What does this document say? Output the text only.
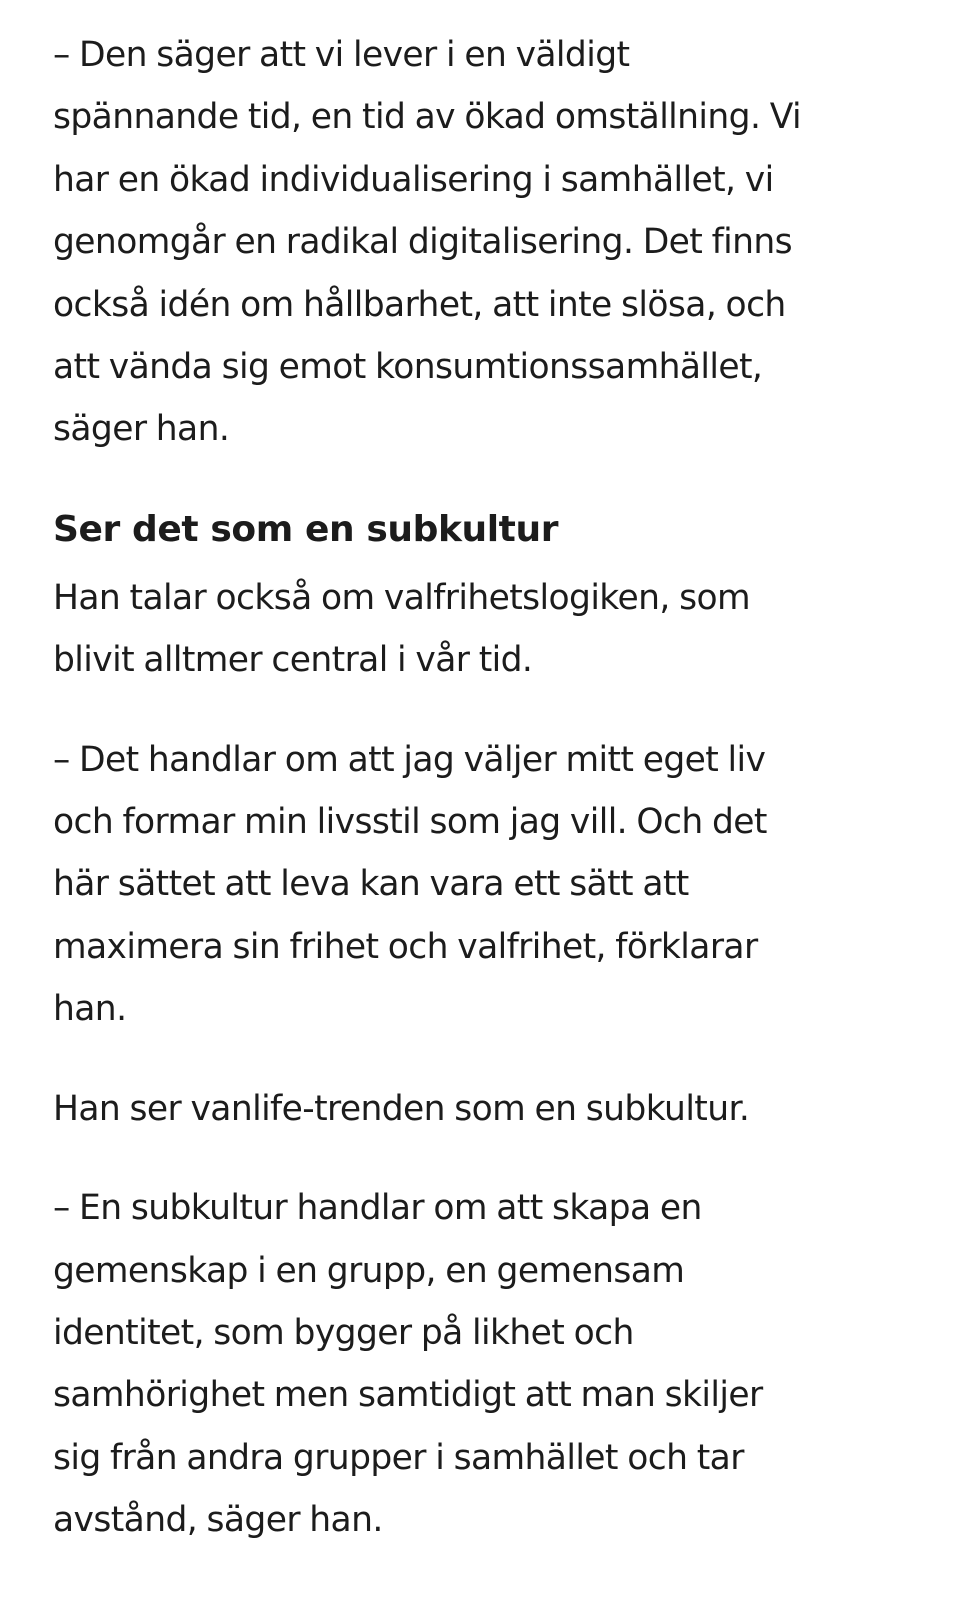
– Den säger att vi lever i en väldigt
spännande tid, en tid av ökad omställning. Vi
har en ökad individualisering i samhället, vi
genomgår en radikal digitalisering. Det finns
också idén om hållbarhet, att inte slösa, och
att vända sig emot konsumtionssamhället,
säger han.

Ser det som en subkultur

Han talar också om valfrihetslogiken, som
blivit alltmer central i vår tid.

– Det handlar om att jag väljer mitt eget liv
och formar min livsstil som jag vill. Och det
här sättet att leva kan vara ett sätt att
maximera sin frihet och valfrihet, förklarar
han.

Han ser vanlife-trenden som en subkultur.

– En subkultur handlar om att skapa en
gemenskap i en grupp, en gemensam
identitet, som bygger på likhet och
samhörighet men samtidigt att man skiljer
sig från andra grupper i samhället och tar
avstånd, säger han.
